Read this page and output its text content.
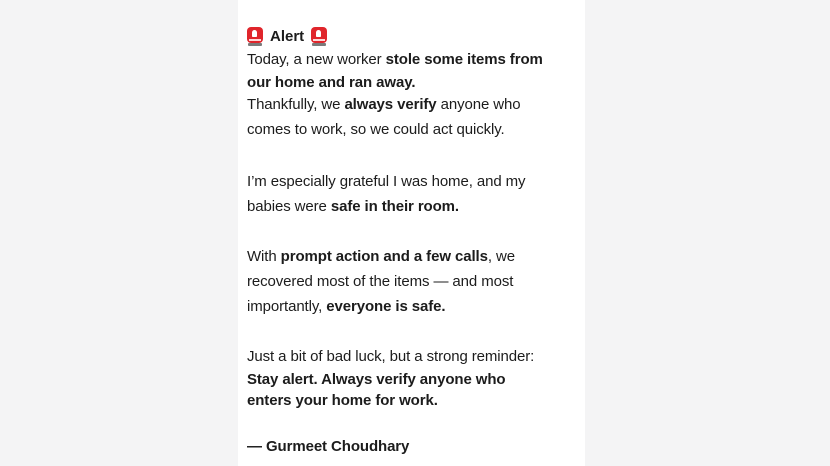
Alert
Today, a new worker stole some items from
our home and ran away.
Thankfully, we always verify anyone who
comes to work, so we could act quickly.
I’m especially grateful I was home, and my
babies were safe in their room.
With prompt action and a few calls, we
recovered most of the items — and most
importantly, everyone is safe.
Just a bit of bad luck, but a strong reminder:
Stay alert. Always verify anyone who
enters your home for work.
— Gurmeet Choudhary
